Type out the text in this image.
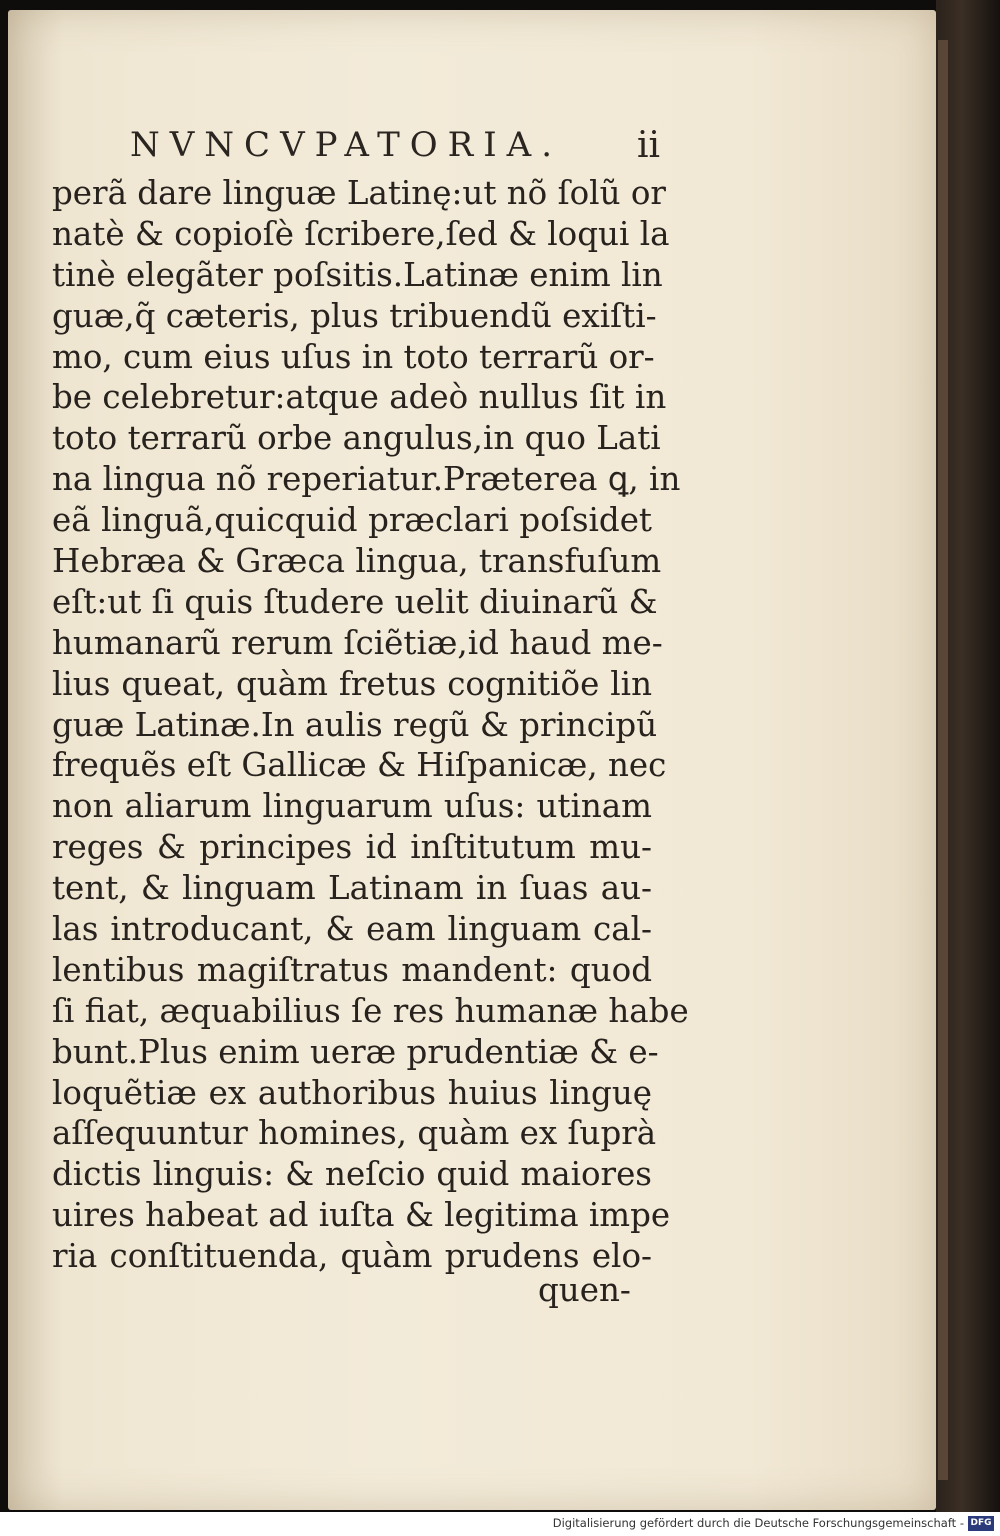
NVNCVPATORIA. ii
perã dare linguæ Latinę:ut nõ ſolũ or
natè & copioſè ſcribere,ſed & loqui la
tinè elegãter poſsitis.Latinæ enim lin
guæ,q̃ cæteris, plus tribuendũ exiſti-
mo, cum eius uſus in toto terrarũ or-
be celebretur:atque adeò nullus ſit in
toto terrarũ orbe angulus,in quo Lati
na lingua nõ reperiatur.Præterea ꝗ, in
eã linguã,quicquid præclari poſsidet
Hebræa & Græca lingua, transfuſum
eſt:ut ſi quis ſtudere uelit diuinarũ &
humanarũ rerum ſciẽtiæ,id haud me-
lius queat, quàm fretus cognitiõe lin
guæ Latinæ.In aulis regũ & principũ
frequẽs eſt Gallicæ & Hiſpanicæ, nec
non aliarum linguarum uſus: utinam
reges & principes id inſtitutum mu-
tent, & linguam Latinam in ſuas au-
las introducant, & eam linguam cal-
lentibus magiſtratus mandent: quod
ſi fiat, æquabilius ſe res humanæ habe
bunt.Plus enim ueræ prudentiæ & e-
loquẽtiæ ex authoribus huius linguę
aſſequuntur homines, quàm ex ſuprà
dictis linguis: & neſcio quid maiores
uires habeat ad iuſta & legitima impe
ria conſtituenda, quàm prudens elo-
quen-
Digitalisierung gefördert durch die Deutsche Forschungsgemeinschaft - DFG
